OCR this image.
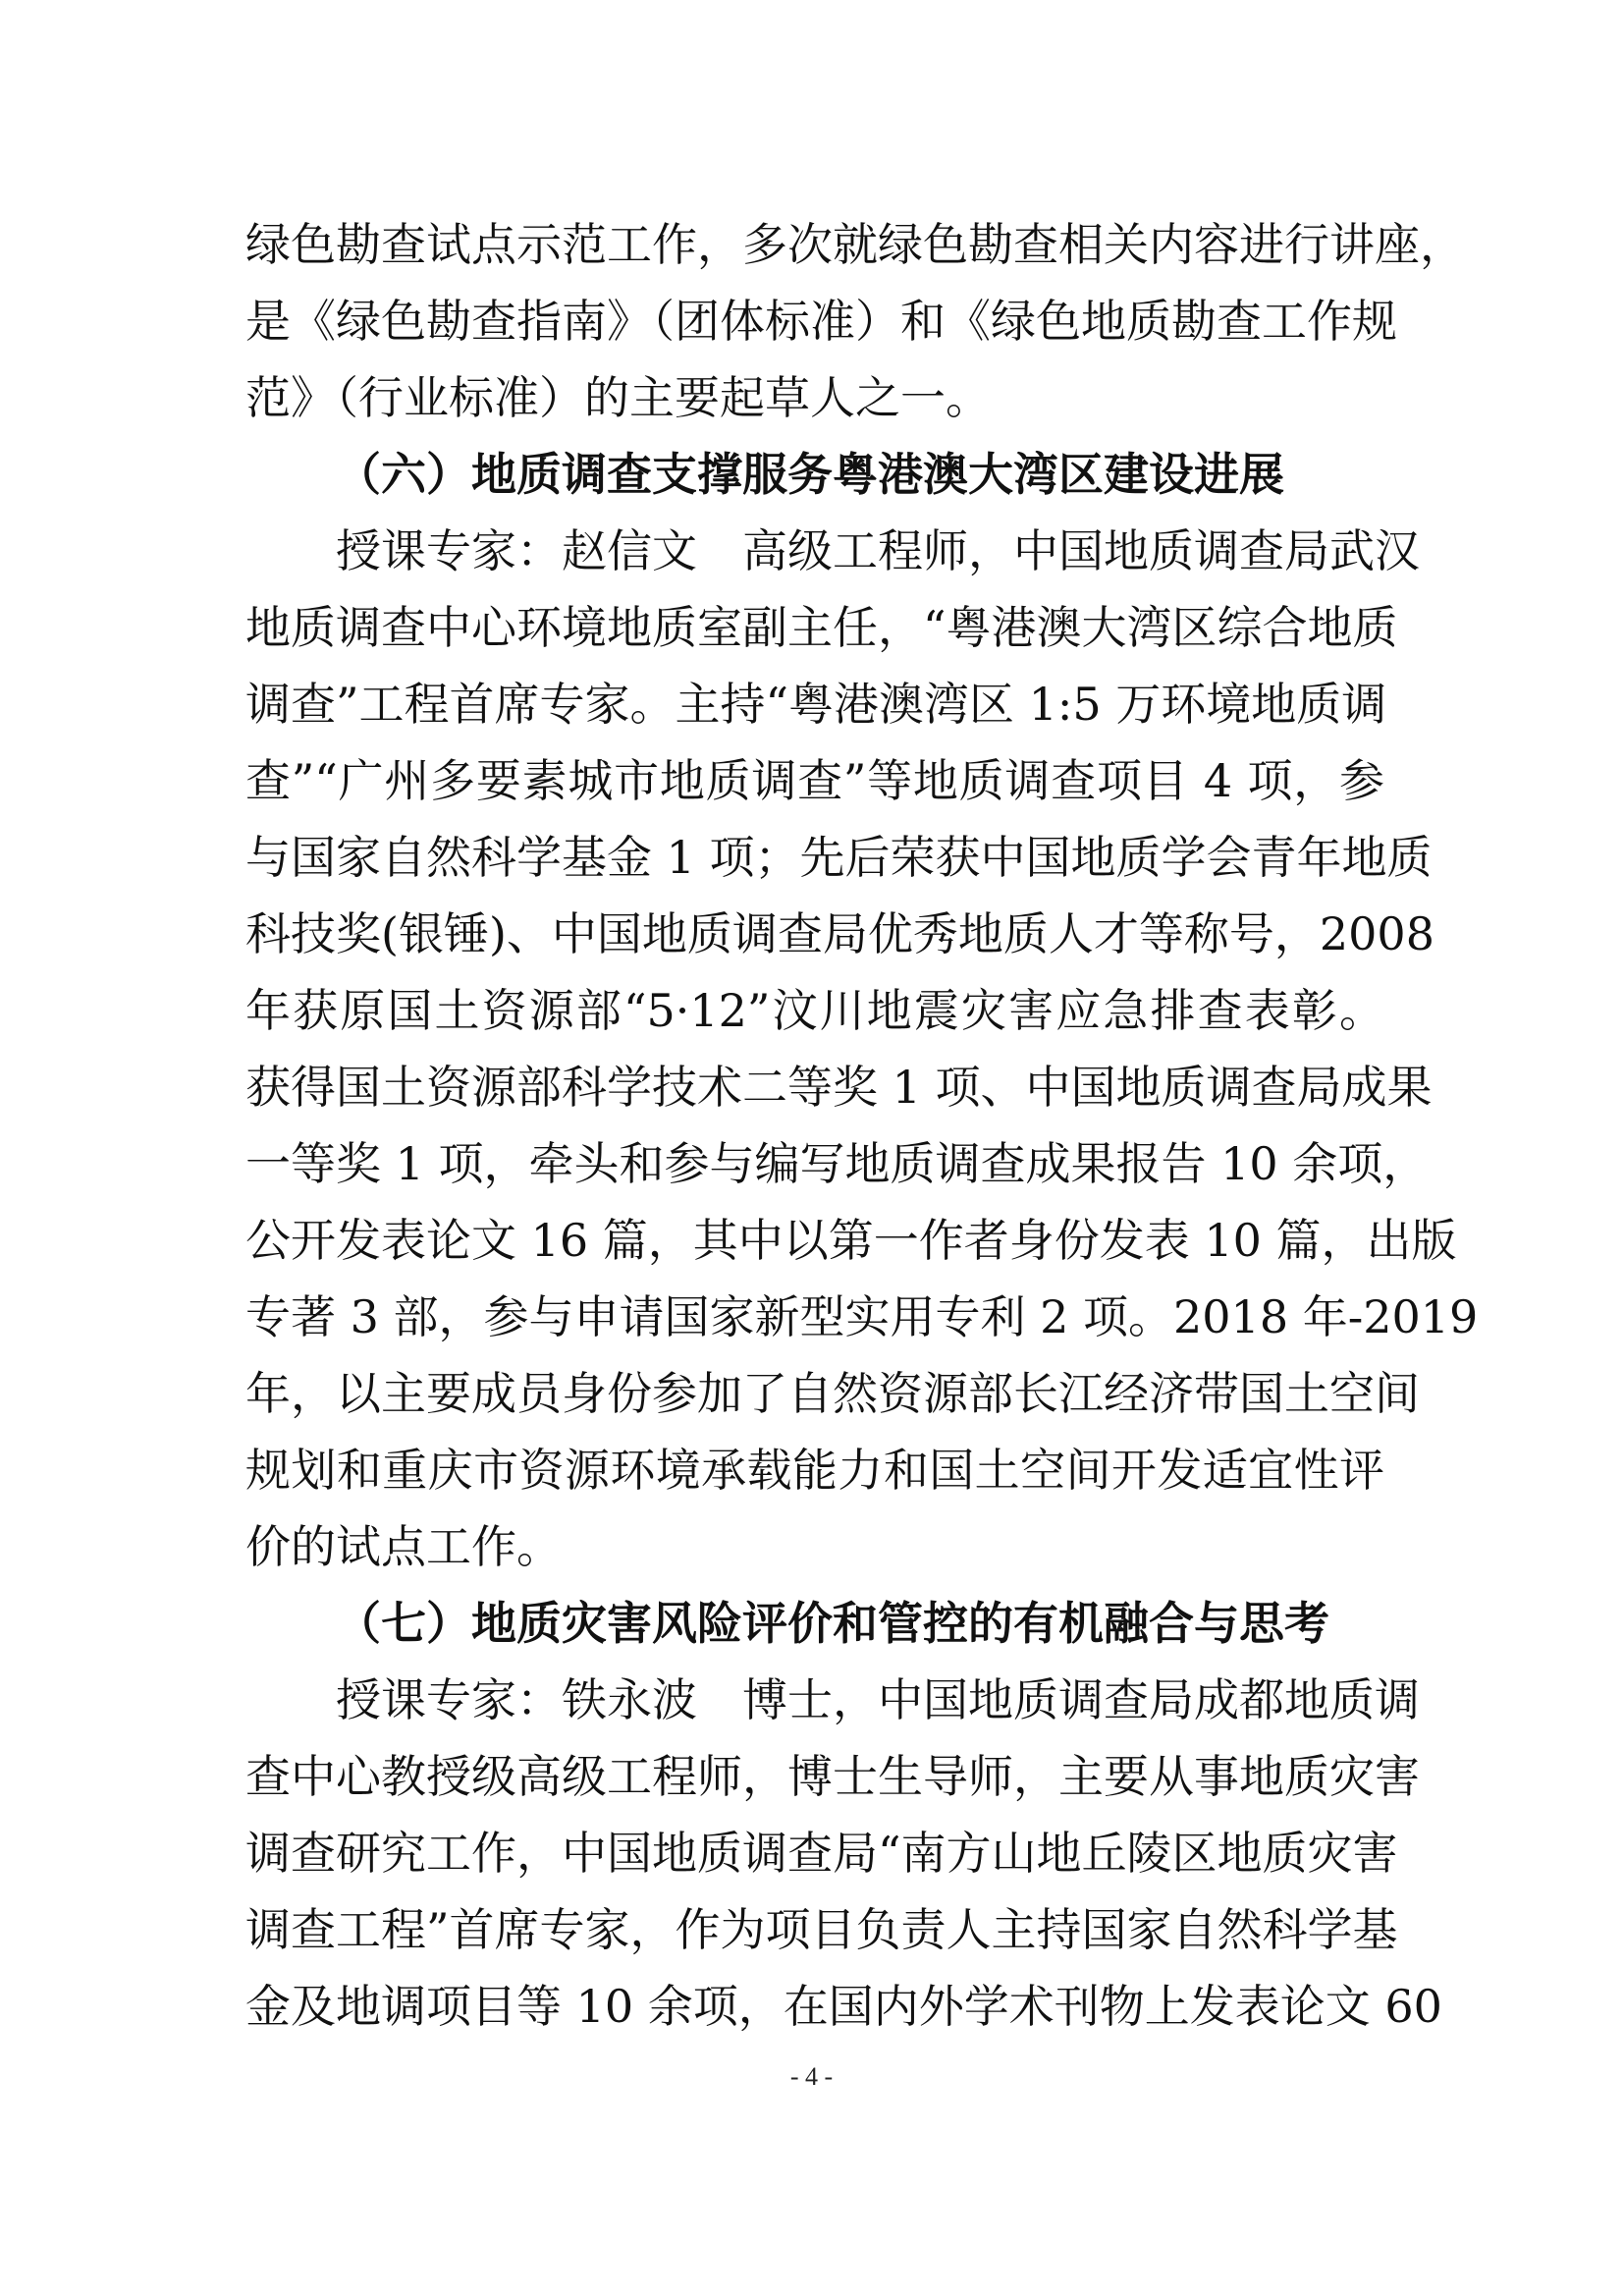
绿色勘查试点示范工作，多次就绿色勘查相关内容进行讲座，
是《绿色勘查指南》（团体标准）和《绿色地质勘查工作规
范》（行业标准）的主要起草人之一。
（六）地质调查支撑服务粤港澳大湾区建设进展
授课专家：赵信文　高级工程师，中国地质调查局武汉
地质调查中心环境地质室副主任，“粤港澳大湾区综合地质
调查”工程首席专家。主持“粤港澳湾区 1:5 万环境地质调
查”“广州多要素城市地质调查”等地质调查项目 4 项，参
与国家自然科学基金 1 项；先后荣获中国地质学会青年地质
科技奖(银锤)、中国地质调查局优秀地质人才等称号，2008
年获原国土资源部“5·12”汶川地震灾害应急排查表彰。
获得国土资源部科学技术二等奖 1 项、中国地质调查局成果
一等奖 1 项，牵头和参与编写地质调查成果报告 10 余项，
公开发表论文 16 篇，其中以第一作者身份发表 10 篇，出版
专著 3 部，参与申请国家新型实用专利 2 项。2018 年-2019
年，以主要成员身份参加了自然资源部长江经济带国土空间
规划和重庆市资源环境承载能力和国土空间开发适宜性评
价的试点工作。
（七）地质灾害风险评价和管控的有机融合与思考
授课专家：铁永波　博士，中国地质调查局成都地质调
查中心教授级高级工程师，博士生导师，主要从事地质灾害
调查研究工作，中国地质调查局“南方山地丘陵区地质灾害
调查工程”首席专家，作为项目负责人主持国家自然科学基
金及地调项目等 10 余项，在国内外学术刊物上发表论文 60
- 4 -
